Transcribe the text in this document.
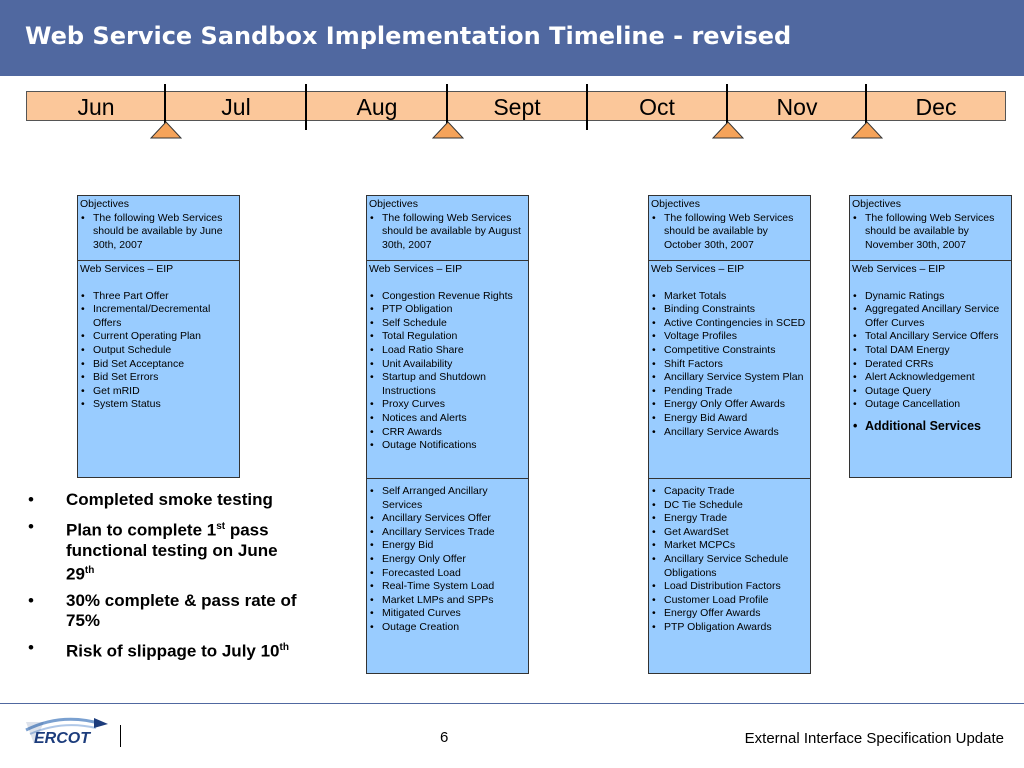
Web Service Sandbox Implementation Timeline - revised
Jun	Jul	Aug	Sept	Oct	Nov	Dec
Objectives
• The following Web Services should be available by June 30th, 2007
Web Services – EIP
• Three Part Offer
• Incremental/Decremental Offers
• Current Operating Plan
• Output Schedule
• Bid Set Acceptance
• Bid Set Errors
• Get mRID
• System Status
Objectives
• The following Web Services should be available by August 30th, 2007
Web Services – EIP
• Congestion Revenue Rights
• PTP Obligation
• Self Schedule
• Total Regulation
• Load Ratio Share
• Unit Availability
• Startup and Shutdown Instructions
• Proxy Curves
• Notices and Alerts
• CRR Awards
• Outage Notifications
• Self Arranged Ancillary Services
• Ancillary Services Offer
• Ancillary Services Trade
• Energy Bid
• Energy Only Offer
• Forecasted Load
• Real-Time System Load
• Market LMPs and SPPs
• Mitigated Curves
• Outage Creation
Objectives
• The following Web Services should be available by October 30th, 2007
Web Services – EIP
• Market Totals
• Binding Constraints
• Active Contingencies in SCED
• Voltage Profiles
• Competitive Constraints
• Shift Factors
• Ancillary Service System Plan
• Pending Trade
• Energy Only Offer Awards
• Energy Bid Award
• Ancillary Service Awards
• Capacity Trade
• DC Tie Schedule
• Energy Trade
• Get AwardSet
• Market MCPCs
• Ancillary Service Schedule Obligations
• Load Distribution Factors
• Customer Load Profile
• Energy Offer Awards
• PTP Obligation Awards
Objectives
• The following Web Services should be available by November 30th, 2007
Web Services – EIP
• Dynamic Ratings
• Aggregated Ancillary Service Offer Curves
• Total Ancillary Service Offers
• Total DAM Energy
• Derated CRRs
• Alert Acknowledgement
• Outage Query
• Outage Cancellation
• Additional Services
• Completed smoke testing
• Plan to complete 1st pass functional testing on June 29th
• 30% complete & pass rate of 75%
• Risk of slippage to July 10th
ERCOT	6	External Interface Specification Update
